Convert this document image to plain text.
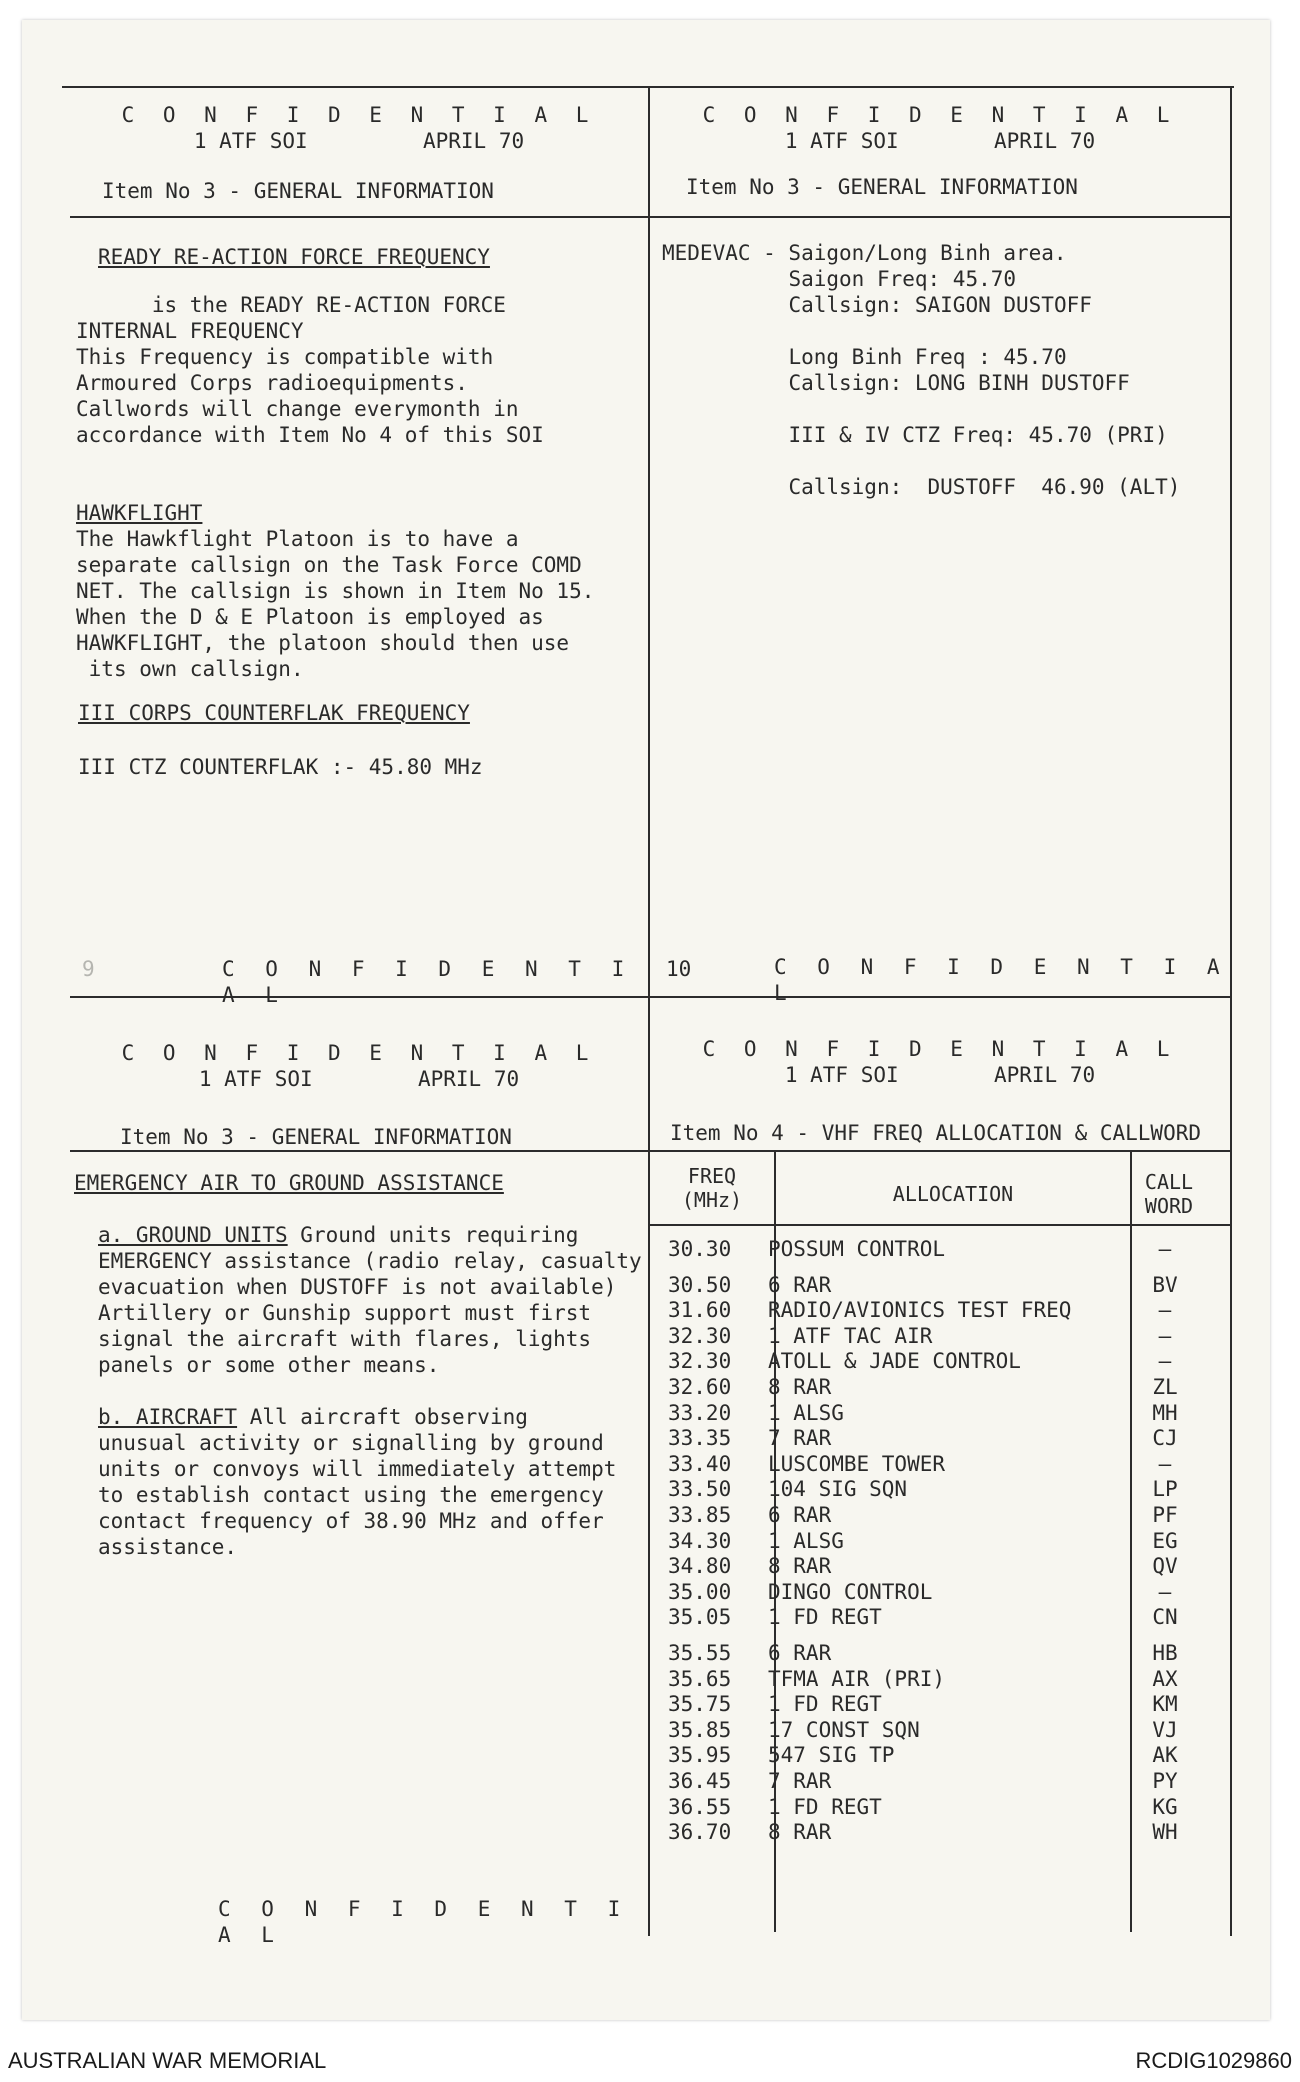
C O N F I D E N T I A L
1 ATF SOI	APRIL 70
Item No 3 - GENERAL INFORMATION
READY RE-ACTION FORCE FREQUENCY
is the READY RE-ACTION FORCE
INTERNAL FREQUENCY
This Frequency is compatible with
Armoured Corps radioequipments.
Callwords will change everymonth in
accordance with Item No 4 of this SOI
HAWKFLIGHT
The Hawkflight Platoon is to have a
separate callsign on the Task Force COMD
NET. The callsign is shown in Item No 15.
When the D & E Platoon is employed as
HAWKFLIGHT, the platoon should then use
its own callsign.
III CORPS COUNTERFLAK FREQUENCY
III CTZ COUNTERFLAK :- 45.80 MHz
9	C O N F I D E N T I A L
C O N F I D E N T I A L
1 ATF SOI	APRIL 70
Item No 3 - GENERAL INFORMATION
MEDEVAC - Saigon/Long Binh area.
Saigon Freq: 45.70
Callsign: SAIGON DUSTOFF

Long Binh Freq : 45.70
Callsign: LONG BINH DUSTOFF

III & IV CTZ Freq: 45.70 (PRI)

Callsign:  DUSTOFF  46.90 (ALT)
10	C O N F I D E N T I A L
C O N F I D E N T I A L
1 ATF SOI	APRIL 70
Item No 3 - GENERAL INFORMATION
EMERGENCY AIR TO GROUND ASSISTANCE
a. GROUND UNITS Ground units requiring
EMERGENCY assistance (radio relay, casualty
evacuation when DUSTOFF is not available)
Artillery or Gunship support must first
signal the aircraft with flares, lights
panels or some other means.
b. AIRCRAFT All aircraft observing
unusual activity or signalling by ground
units or convoys will immediately attempt
to establish contact using the emergency
contact frequency of 38.90 MHz and offer
assistance.
C O N F I D E N T I A L
C O N F I D E N T I A L
1 ATF SOI	APRIL 70
Item No 4 - VHF FREQ ALLOCATION & CALLWORD
FREQ
(MHz)	ALLOCATION	CALL
WORD
30.30 POSSUM CONTROL	—
30.50 6 RAR	BV
31.60 RADIO/AVIONICS TEST FREQ	—
32.30 1 ATF TAC AIR	—
32.30 ATOLL & JADE CONTROL	—
32.60 8 RAR	ZL
33.20 1 ALSG	MH
33.35 7 RAR	CJ
33.40 LUSCOMBE TOWER	—
33.50 104 SIG SQN	LP
33.85 6 RAR	PF
34.30 1 ALSG	EG
34.80 8 RAR	QV
35.00 DINGO CONTROL	—
35.05 1 FD REGT	CN
35.55 6 RAR	HB
35.65 TFMA AIR (PRI)	AX
35.75 1 FD REGT	KM
35.85 17 CONST SQN	VJ
35.95 547 SIG TP	AK
36.45 7 RAR	PY
36.55 1 FD REGT	KG
36.70 8 RAR	WH
AUSTRALIAN WAR MEMORIAL	RCDIG1029860
